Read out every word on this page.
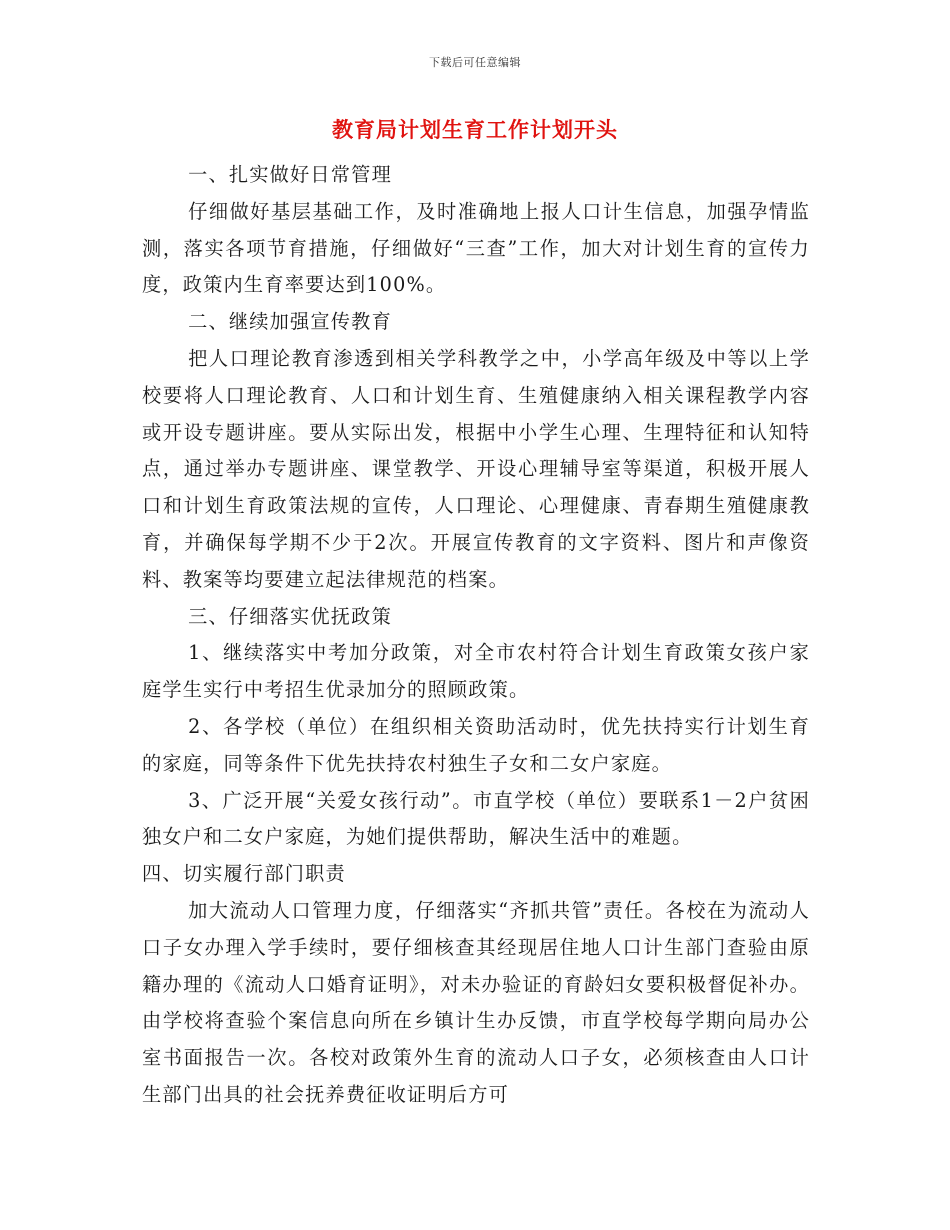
下载后可任意编辑
教育局计划生育工作计划开头

一、扎实做好日常管理

仔细做好基层基础工作，及时准确地上报人口计生信息，加强孕情监测，落实各项节育措施，仔细做好“三查”工作，加大对计划生育的宣传力度，政策内生育率要达到100%。

二、继续加强宣传教育

把人口理论教育渗透到相关学科教学之中，小学高年级及中等以上学校要将人口理论教育、人口和计划生育、生殖健康纳入相关课程教学内容或开设专题讲座。要从实际出发，根据中小学生心理、生理特征和认知特点，通过举办专题讲座、课堂教学、开设心理辅导室等渠道，积极开展人口和计划生育政策法规的宣传，人口理论、心理健康、青春期生殖健康教育，并确保每学期不少于2次。开展宣传教育的文字资料、图片和声像资料、教案等均要建立起法律规范的档案。

三、仔细落实优抚政策

1、继续落实中考加分政策，对全市农村符合计划生育政策女孩户家庭学生实行中考招生优录加分的照顾政策。

2、各学校（单位）在组织相关资助活动时，优先扶持实行计划生育的家庭，同等条件下优先扶持农村独生子女和二女户家庭。

3、广泛开展“关爱女孩行动”。市直学校（单位）要联系1－2户贫困独女户和二女户家庭，为她们提供帮助，解决生活中的难题。

四、切实履行部门职责

加大流动人口管理力度，仔细落实“齐抓共管”责任。各校在为流动人口子女办理入学手续时，要仔细核查其经现居住地人口计生部门查验由原籍办理的《流动人口婚育证明》，对未办验证的育龄妇女要积极督促补办。由学校将查验个案信息向所在乡镇计生办反馈，市直学校每学期向局办公室书面报告一次。各校对政策外生育的流动人口子女，必须核查由人口计生部门出具的社会抚养费征收证明后方可
